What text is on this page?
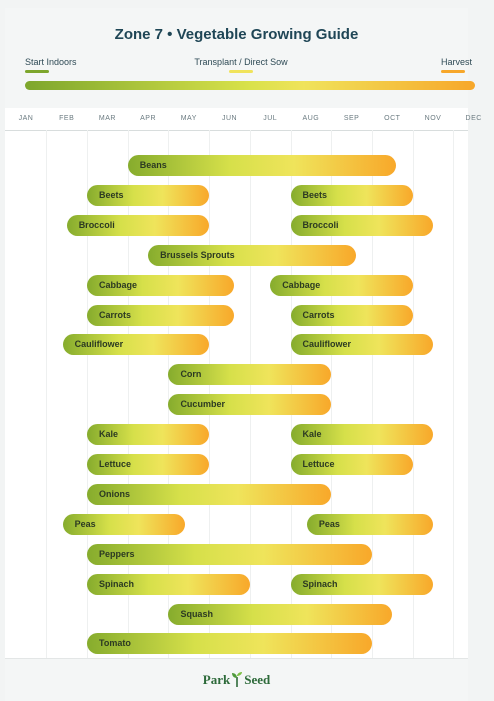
Zone 7 • Vegetable Growing Guide
Start Indoors	Transplant / Direct Sow	Harvest
JAN	FEB	MAR	APR	MAY	JUN	JUL	AUG	SEP	OCT	NOV	DEC
Beans
Beets	Beets
Broccoli	Broccoli
Brussels Sprouts
Cabbage	Cabbage
Carrots	Carrots
Cauliflower	Cauliflower
Corn
Cucumber
Kale	Kale
Lettuce	Lettuce
Onions
Peas	Peas
Peppers
Spinach	Spinach
Squash
Tomato
Park Seed
